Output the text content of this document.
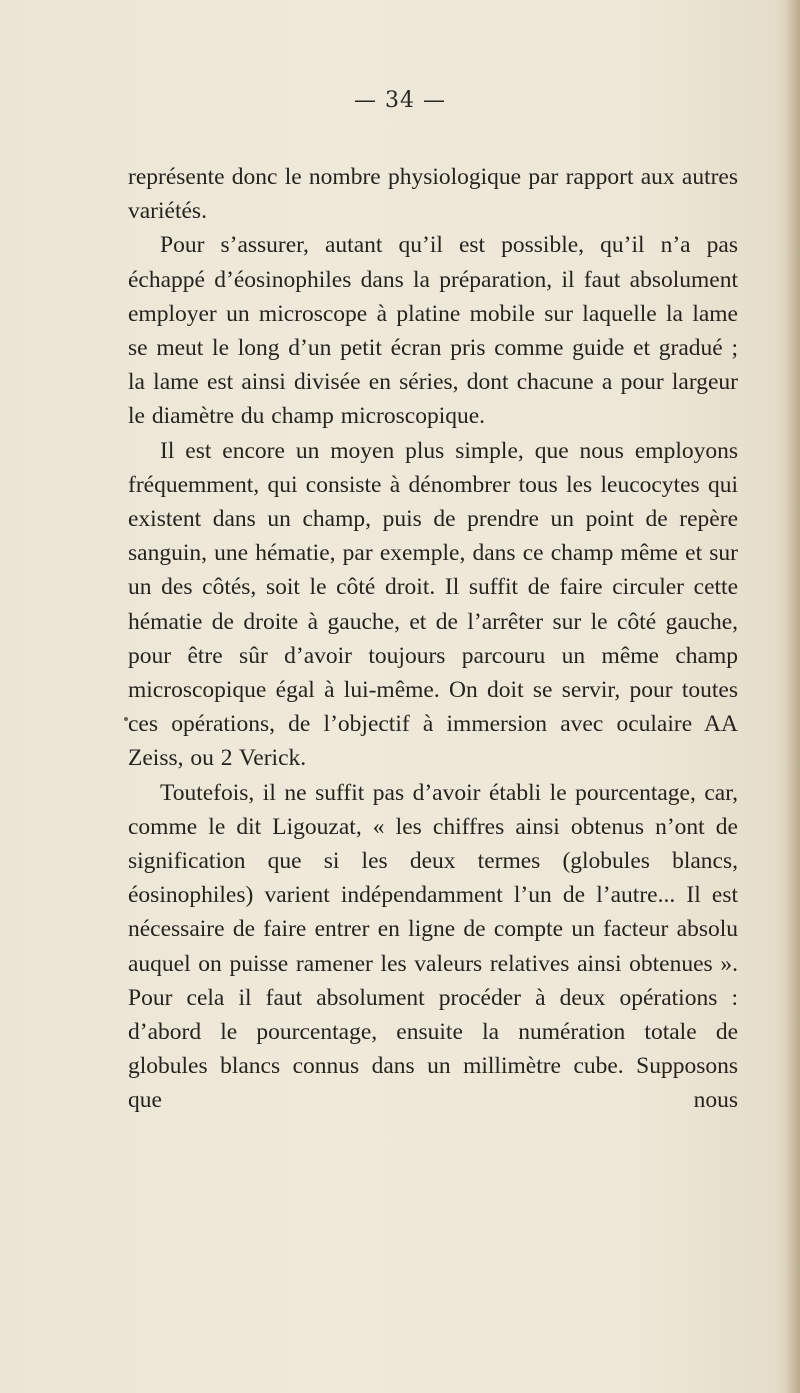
— 34 —

représente donc le nombre physiologique par rapport aux autres variétés.

Pour s’assurer, autant qu’il est possible, qu’il n’a pas échappé d’éosinophiles dans la préparation, il faut absolument employer un microscope à platine mobile sur laquelle la lame se meut le long d’un petit écran pris comme guide et gradué ; la lame est ainsi divisée en séries, dont chacune a pour largeur le diamètre du champ microscopique.

Il est encore un moyen plus simple, que nous employons fréquemment, qui consiste à dénombrer tous les leucocytes qui existent dans un champ, puis de prendre un point de repère sanguin, une hématie, par exemple, dans ce champ même et sur un des côtés, soit le côté droit. Il suffit de faire circuler cette hématie de droite à gauche, et de l’arrêter sur le côté gauche, pour être sûr d’avoir toujours parcouru un même champ microscopique égal à lui-même. On doit se servir, pour toutes ces opérations, de l’objectif à immersion avec oculaire AA Zeiss, ou 2 Verick.

Toutefois, il ne suffit pas d’avoir établi le pourcentage, car, comme le dit Ligouzat, « les chiffres ainsi obtenus n’ont de signification que si les deux termes (globules blancs, éosinophiles) varient indépendamment l’un de l’autre... Il est nécessaire de faire entrer en ligne de compte un facteur absolu auquel on puisse ramener les valeurs relatives ainsi obtenues ». Pour cela il faut absolument procéder à deux opérations : d’abord le pourcentage, ensuite la numération totale de globules blancs connus dans un millimètre cube. Supposons que nous
